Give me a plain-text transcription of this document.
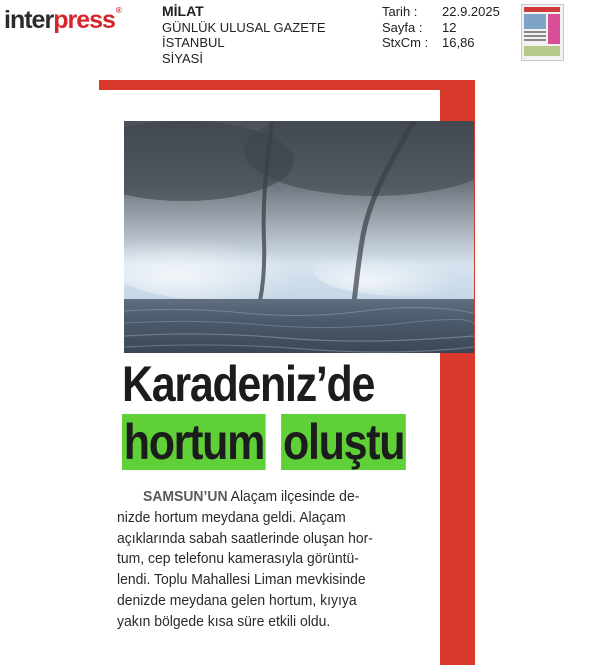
interpress®	MİLAT
GÜNLÜK ULUSAL GAZETE
İSTANBUL
SİYASİ
Tarih :	22.9.2025
Sayfa :	12
StxCm :	16,86
Karadeniz’de
hortum oluştu
SAMSUN’UN Alaçam ilçesinde de-
nizde hortum meydana geldi. Alaçam
açıklarında sabah saatlerinde oluşan hor-
tum, cep telefonu kamerasıyla görüntü-
lendi. Toplu Mahallesi Liman mevkisinde
denizde meydana gelen hortum, kıyıya
yakın bölgede kısa süre etkili oldu.
